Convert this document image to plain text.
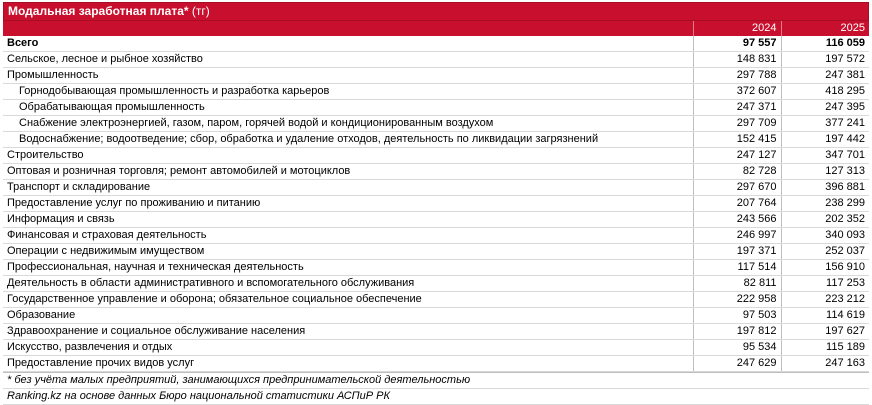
Модальная заработная плата* (тг)
	2024	2025
Всего	97 557	116 059
Сельское, лесное и рыбное хозяйство	148 831	197 572
Промышленность	297 788	247 381
Горнодобывающая промышленность и разработка карьеров	372 607	418 295
Обрабатывающая промышленность	247 371	247 395
Снабжение электроэнергией, газом, паром, горячей водой и кондиционированным воздухом	297 709	377 241
Водоснабжение; водоотведение; сбор, обработка и удаление отходов, деятельность по ликвидации загрязнений	152 415	197 442
Строительство	247 127	347 701
Оптовая и розничная торговля; ремонт автомобилей и мотоциклов	82 728	127 313
Транспорт и складирование	297 670	396 881
Предоставление услуг по проживанию и питанию	207 764	238 299
Информация и связь	243 566	202 352
Финансовая и страховая деятельность	246 997	340 093
Операции с недвижимым имуществом	197 371	252 037
Профессиональная, научная и техническая деятельность	117 514	156 910
Деятельность в области административного и вспомогательного обслуживания	82 811	117 253
Государственное управление и оборона; обязательное социальное обеспечение	222 958	223 212
Образование	97 503	114 619
Здравоохранение и социальное обслуживание населения	197 812	197 627
Искусство, развлечения и отдых	95 534	115 189
Предоставление прочих видов услуг	247 629	247 163
* без учёта малых предприятий, занимающихся предпринимательской деятельностью
Ranking.kz на основе данных Бюро национальной статистики АСПиР РК
